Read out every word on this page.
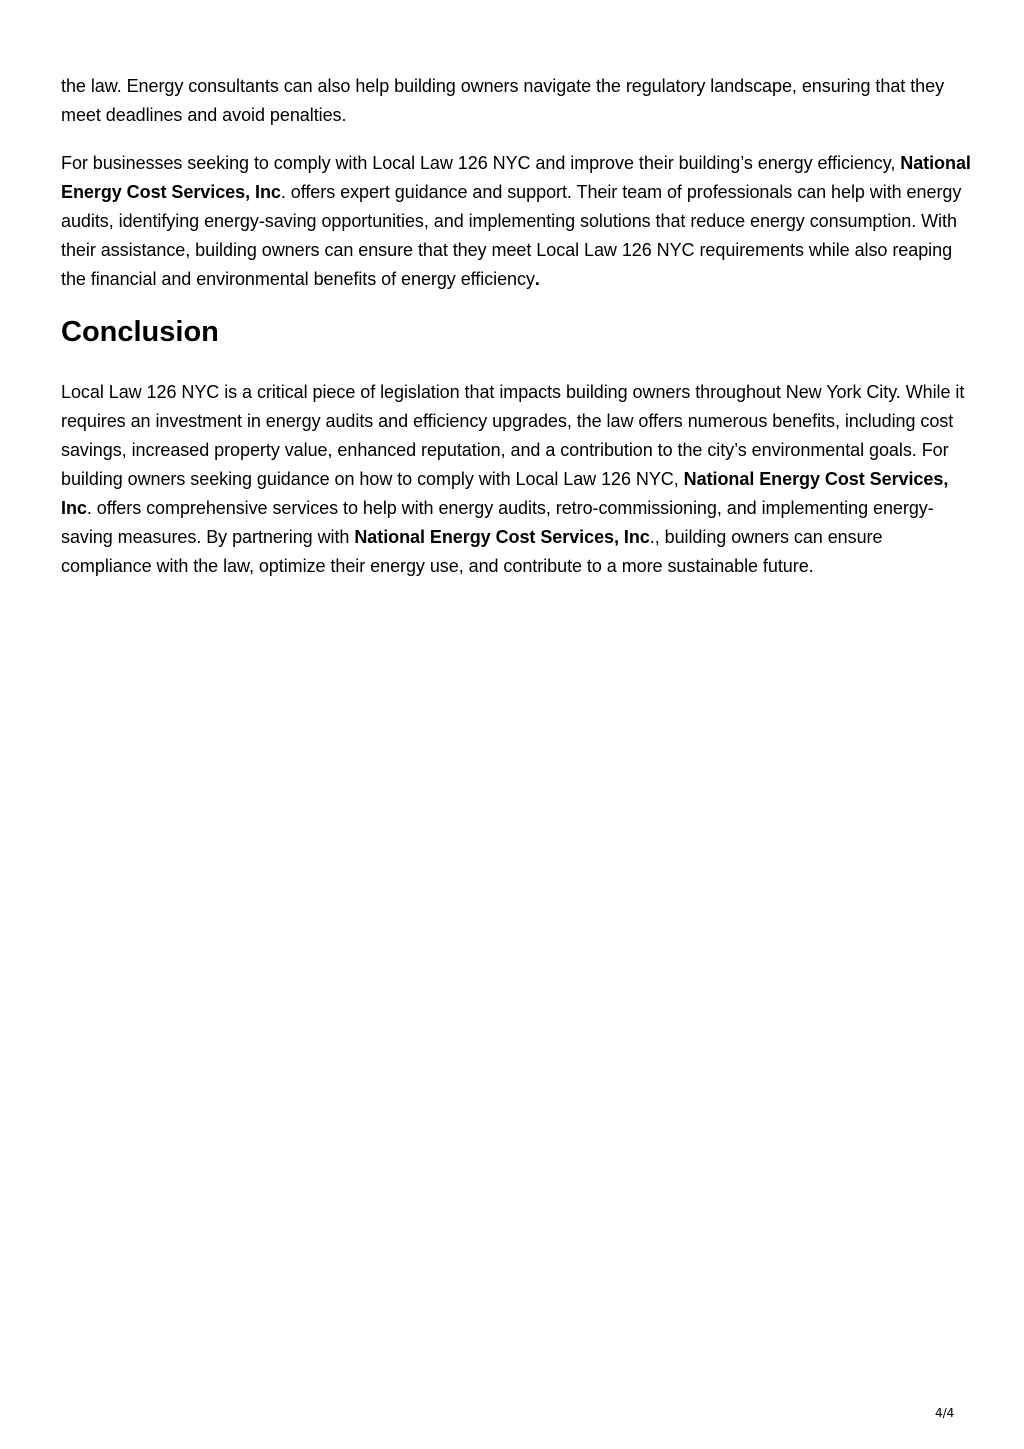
the law. Energy consultants can also help building owners navigate the regulatory landscape, ensuring that they meet deadlines and avoid penalties.

For businesses seeking to comply with Local Law 126 NYC and improve their building’s energy efficiency, National Energy Cost Services, Inc. offers expert guidance and support. Their team of professionals can help with energy audits, identifying energy-saving opportunities, and implementing solutions that reduce energy consumption. With their assistance, building owners can ensure that they meet Local Law 126 NYC requirements while also reaping the financial and environmental benefits of energy efficiency.

Conclusion

Local Law 126 NYC is a critical piece of legislation that impacts building owners throughout New York City. While it requires an investment in energy audits and efficiency upgrades, the law offers numerous benefits, including cost savings, increased property value, enhanced reputation, and a contribution to the city’s environmental goals. For building owners seeking guidance on how to comply with Local Law 126 NYC, National Energy Cost Services, Inc. offers comprehensive services to help with energy audits, retro-commissioning, and implementing energy-saving measures. By partnering with National Energy Cost Services, Inc., building owners can ensure compliance with the law, optimize their energy use, and contribute to a more sustainable future.

4/4
